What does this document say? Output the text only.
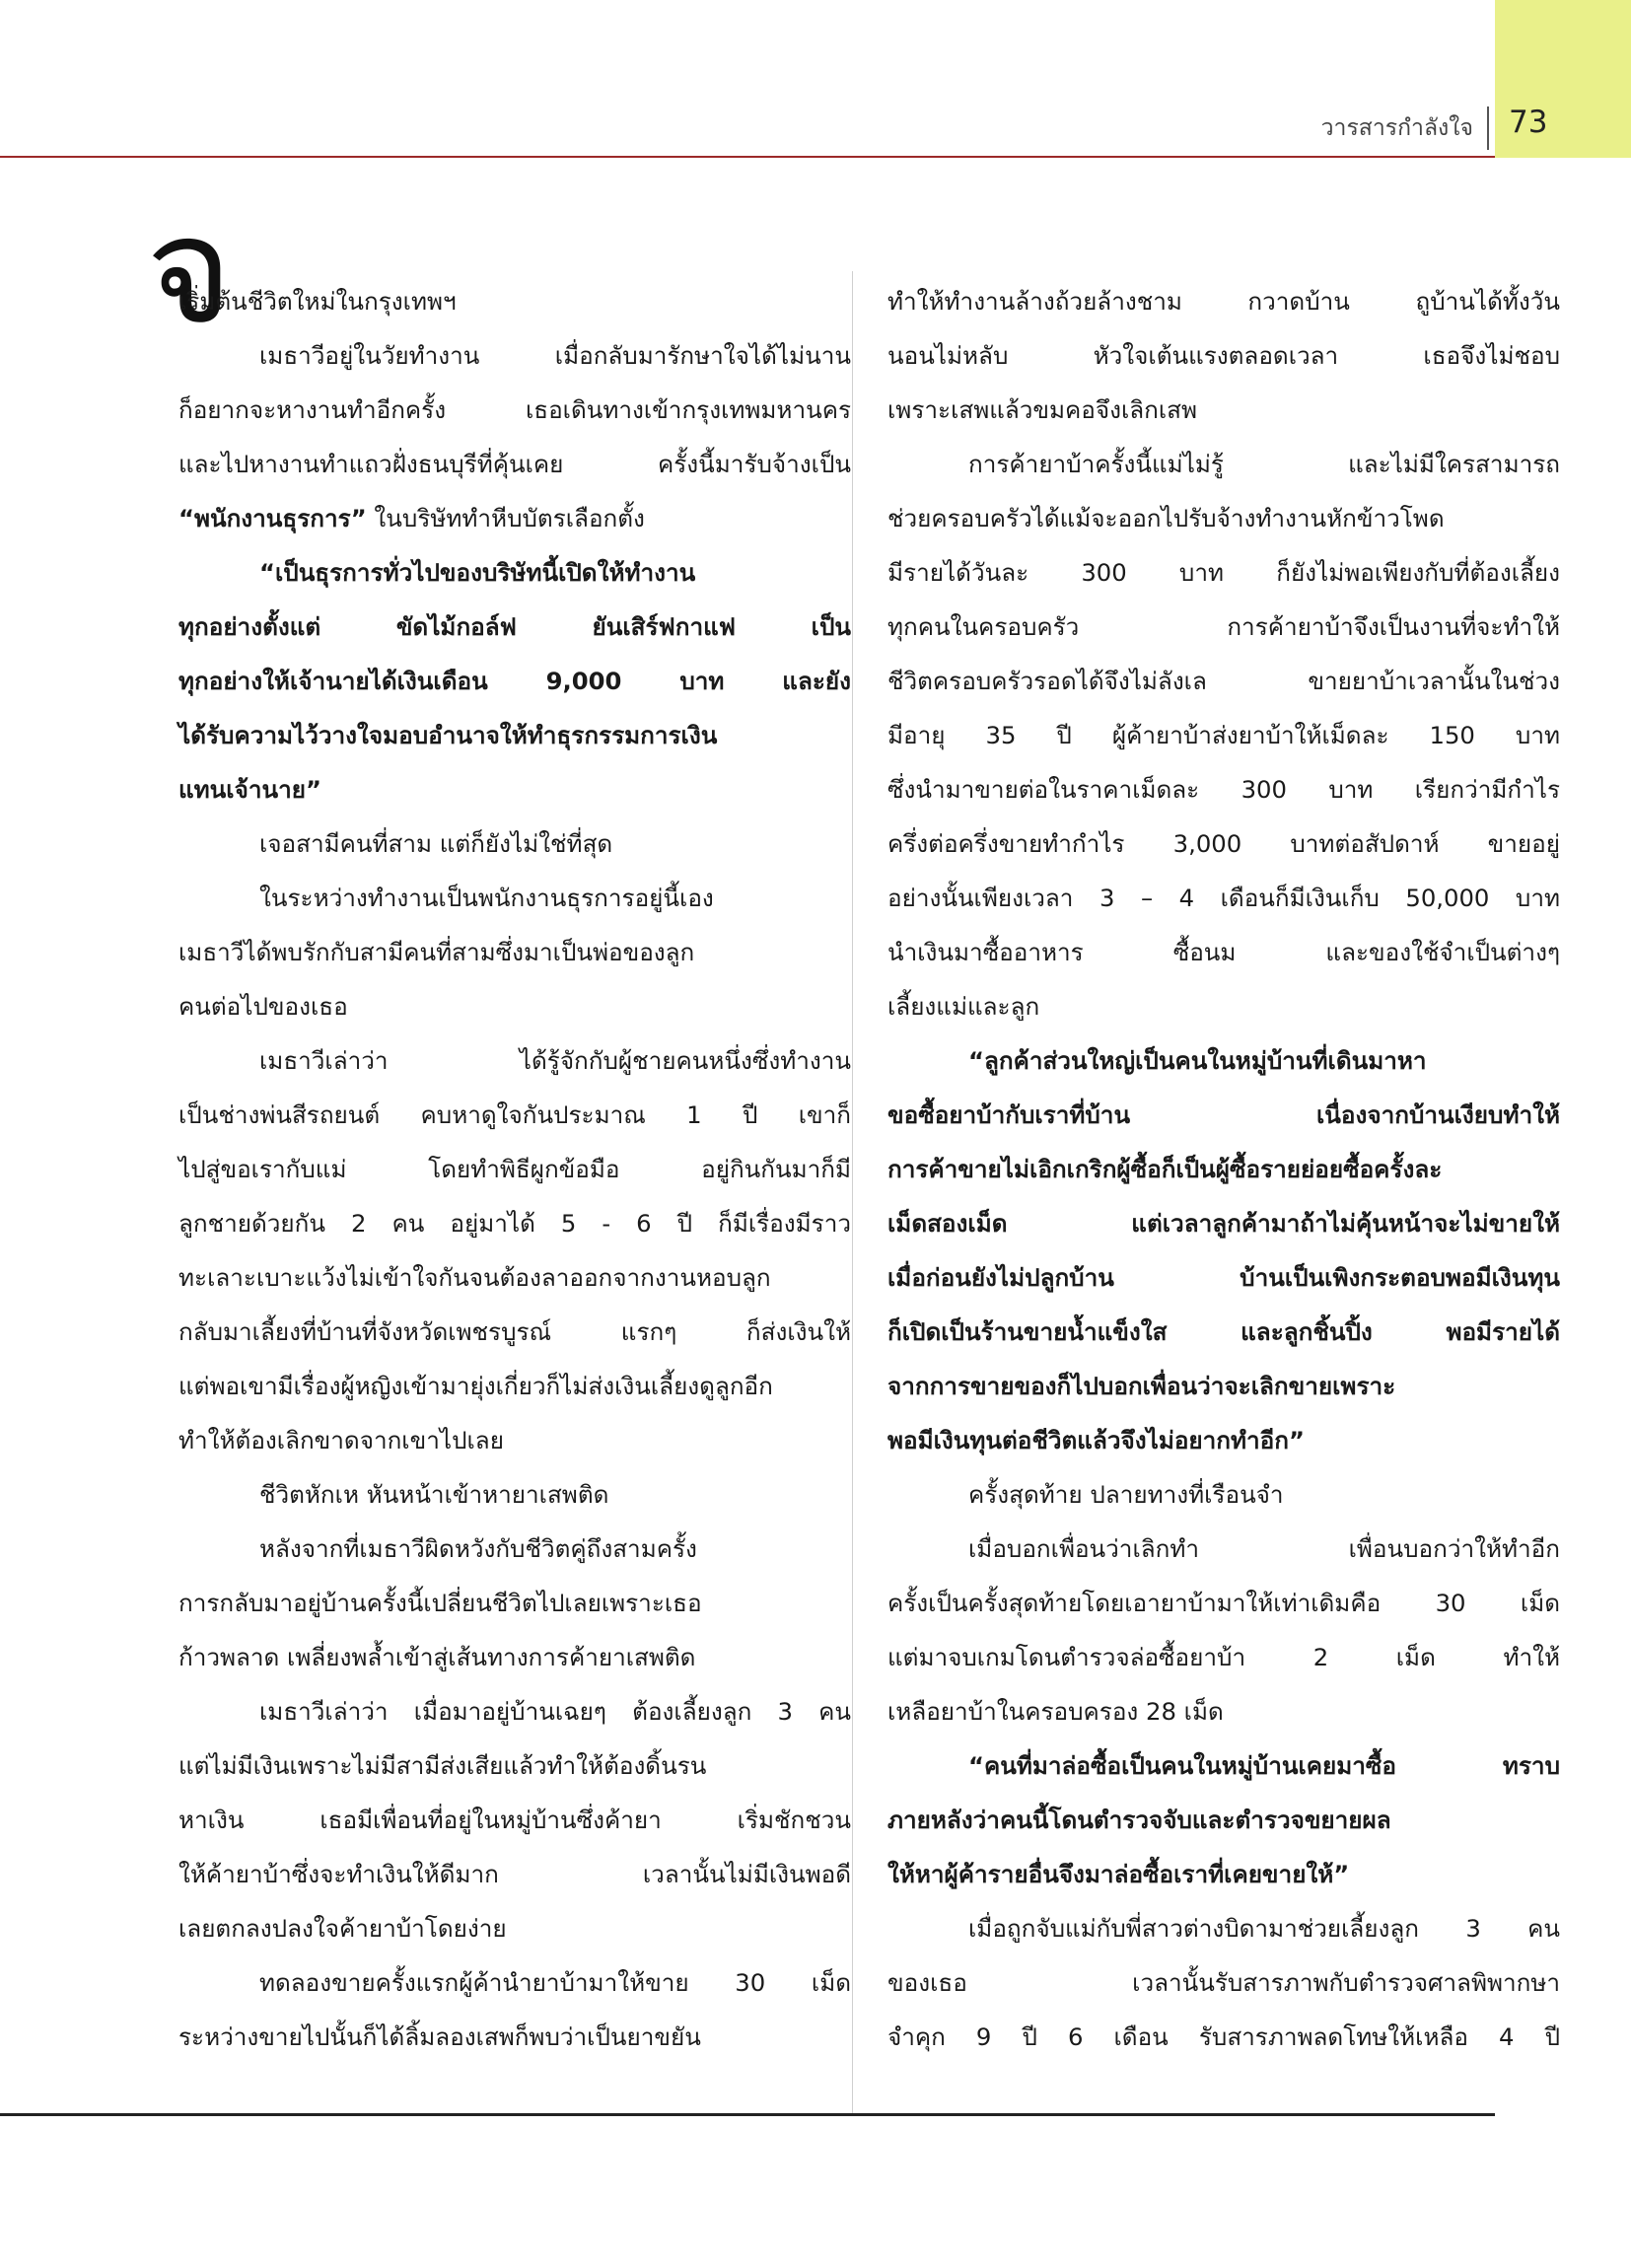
วารสารกำลังใจ 73
จ

เริ่มต้นชีวิตใหม่ในกรุงเทพฯ

เมธาวีอยู่ในวัยทำงาน เมื่อกลับมารักษาใจได้ไม่นาน

ก็อยากจะหางานทำอีกครั้ง เธอเดินทางเข้ากรุงเทพมหานคร

และไปหางานทำแถวฝั่งธนบุรีที่คุ้นเคย ครั้งนี้มารับจ้างเป็น

“พนักงานธุรการ” ในบริษัททำหีบบัตรเลือกตั้ง

“เป็นธุรการทั่วไปของบริษัทนี้เปิดให้ทำงาน

ทุกอย่างตั้งแต่ ขัดไม้กอล์ฟ ยันเสิร์ฟกาแฟ เป็น

ทุกอย่างให้เจ้านายได้เงินเดือน 9,000 บาท และยัง

ได้รับความไว้วางใจมอบอำนาจให้ทำธุรกรรมการเงิน

แทนเจ้านาย”

เจอสามีคนที่สาม แต่ก็ยังไม่ใช่ที่สุด

ในระหว่างทำงานเป็นพนักงานธุรการอยู่นี้เอง

เมธาวีได้พบรักกับสามีคนที่สามซึ่งมาเป็นพ่อของลูก

คนต่อไปของเธอ

เมธาวีเล่าว่า ได้รู้จักกับผู้ชายคนหนึ่งซึ่งทำงาน

เป็นช่างพ่นสีรถยนต์ คบหาดูใจกันประมาณ 1 ปี เขาก็

ไปสู่ขอเรากับแม่ โดยทำพิธีผูกข้อมือ อยู่กินกันมาก็มี

ลูกชายด้วยกัน 2 คน อยู่มาได้ 5 - 6 ปี ก็มีเรื่องมีราว

ทะเลาะเบาะแว้งไม่เข้าใจกันจนต้องลาออกจากงานหอบลูก

กลับมาเลี้ยงที่บ้านที่จังหวัดเพชรบูรณ์ แรกๆ ก็ส่งเงินให้

แต่พอเขามีเรื่องผู้หญิงเข้ามายุ่งเกี่ยวก็ไม่ส่งเงินเลี้ยงดูลูกอีก

ทำให้ต้องเลิกขาดจากเขาไปเลย

ชีวิตหักเห หันหน้าเข้าหายาเสพติด

หลังจากที่เมธาวีผิดหวังกับชีวิตคู่ถึงสามครั้ง

การกลับมาอยู่บ้านครั้งนี้เปลี่ยนชีวิตไปเลยเพราะเธอ

ก้าวพลาด เพลี่ยงพล้ำเข้าสู่เส้นทางการค้ายาเสพติด

เมธาวีเล่าว่า เมื่อมาอยู่บ้านเฉยๆ ต้องเลี้ยงลูก 3 คน

แต่ไม่มีเงินเพราะไม่มีสามีส่งเสียแล้วทำให้ต้องดิ้นรน

หาเงิน เธอมีเพื่อนที่อยู่ในหมู่บ้านซึ่งค้ายา เริ่มชักชวน

ให้ค้ายาบ้าซึ่งจะทำเงินให้ดีมาก เวลานั้นไม่มีเงินพอดี

เลยตกลงปลงใจค้ายาบ้าโดยง่าย

ทดลองขายครั้งแรกผู้ค้านำยาบ้ามาให้ขาย 30 เม็ด

ระหว่างขายไปนั้นก็ได้ลิ้มลองเสพก็พบว่าเป็นยาขยัน

ทำให้ทำงานล้างถ้วยล้างชาม กวาดบ้าน ถูบ้านได้ทั้งวัน

นอนไม่หลับ หัวใจเต้นแรงตลอดเวลา เธอจึงไม่ชอบ

เพราะเสพแล้วขมคอจึงเลิกเสพ

การค้ายาบ้าครั้งนี้แม่ไม่รู้ และไม่มีใครสามารถ

ช่วยครอบครัวได้แม้จะออกไปรับจ้างทำงานหักข้าวโพด

มีรายได้วันละ 300 บาท ก็ยังไม่พอเพียงกับที่ต้องเลี้ยง

ทุกคนในครอบครัว การค้ายาบ้าจึงเป็นงานที่จะทำให้

ชีวิตครอบครัวรอดได้จึงไม่ลังเล ขายยาบ้าเวลานั้นในช่วง

มีอายุ 35 ปี ผู้ค้ายาบ้าส่งยาบ้าให้เม็ดละ 150 บาท

ซึ่งนำมาขายต่อในราคาเม็ดละ 300 บาท เรียกว่ามีกำไร

ครึ่งต่อครึ่งขายทำกำไร 3,000 บาทต่อสัปดาห์ ขายอยู่

อย่างนั้นเพียงเวลา 3 – 4 เดือนก็มีเงินเก็บ 50,000 บาท

นำเงินมาซื้ออาหาร ซื้อนม และของใช้จำเป็นต่างๆ

เลี้ยงแม่และลูก

“ลูกค้าส่วนใหญ่เป็นคนในหมู่บ้านที่เดินมาหา

ขอซื้อยาบ้ากับเราที่บ้าน เนื่องจากบ้านเงียบทำให้

การค้าขายไม่เอิกเกริกผู้ซื้อก็เป็นผู้ซื้อรายย่อยซื้อครั้งละ

เม็ดสองเม็ด แต่เวลาลูกค้ามาถ้าไม่คุ้นหน้าจะไม่ขายให้

เมื่อก่อนยังไม่ปลูกบ้าน บ้านเป็นเพิงกระตอบพอมีเงินทุน

ก็เปิดเป็นร้านขายน้ำแข็งใส และลูกชิ้นปิ้ง พอมีรายได้

จากการขายของก็ไปบอกเพื่อนว่าจะเลิกขายเพราะ

พอมีเงินทุนต่อชีวิตแล้วจึงไม่อยากทำอีก”

ครั้งสุดท้าย ปลายทางที่เรือนจำ

เมื่อบอกเพื่อนว่าเลิกทำ เพื่อนบอกว่าให้ทำอีก

ครั้งเป็นครั้งสุดท้ายโดยเอายาบ้ามาให้เท่าเดิมคือ 30 เม็ด

แต่มาจบเกมโดนตำรวจล่อซื้อยาบ้า 2 เม็ด ทำให้

เหลือยาบ้าในครอบครอง 28 เม็ด

“คนที่มาล่อซื้อเป็นคนในหมู่บ้านเคยมาซื้อ ทราบ

ภายหลังว่าคนนี้โดนตำรวจจับและตำรวจขยายผล

ให้หาผู้ค้ารายอื่นจึงมาล่อซื้อเราที่เคยขายให้”

เมื่อถูกจับแม่กับพี่สาวต่างบิดามาช่วยเลี้ยงลูก 3 คน

ของเธอ เวลานั้นรับสารภาพกับตำรวจศาลพิพากษา

จำคุก 9 ปี 6 เดือน รับสารภาพลดโทษให้เหลือ 4 ปี
